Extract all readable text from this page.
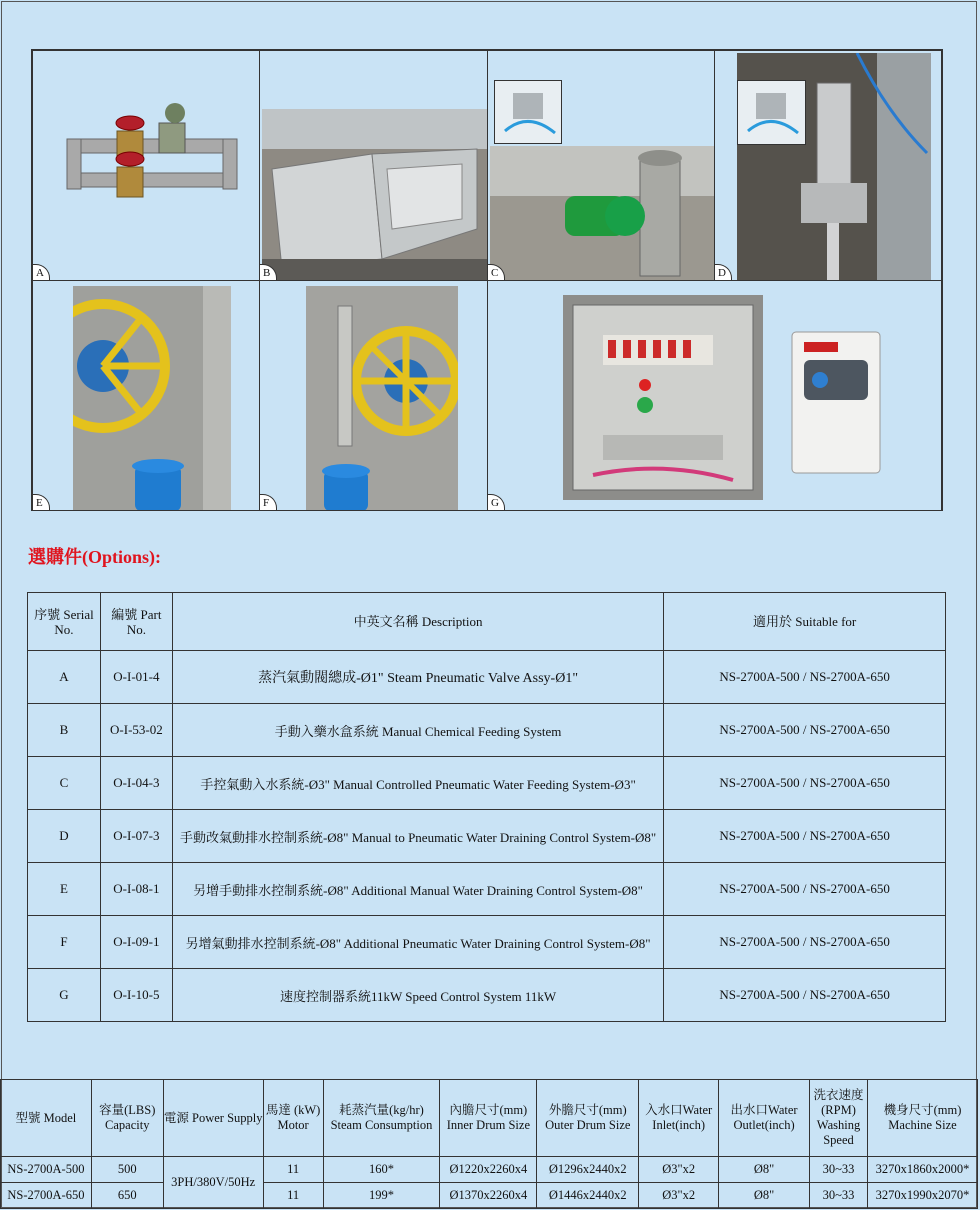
A	B	C	D
E	F	G
選購件(Options):
序號 Serial No.	編號 Part No.	中英文名稱 Description	適用於 Suitable for
A	O-I-01-4	蒸汽氣動閥總成-Ø1" Steam Pneumatic Valve Assy-Ø1"	NS-2700A-500 / NS-2700A-650
B	O-I-53-02	手動入藥水盒系統 Manual Chemical Feeding System	NS-2700A-500 / NS-2700A-650
C	O-I-04-3	手控氣動入水系統-Ø3" Manual Controlled Pneumatic Water Feeding System-Ø3"	NS-2700A-500 / NS-2700A-650
D	O-I-07-3	手動改氣動排水控制系統-Ø8" Manual to Pneumatic Water Draining Control System-Ø8"	NS-2700A-500 / NS-2700A-650
E	O-I-08-1	另增手動排水控制系統-Ø8" Additional Manual Water Draining Control System-Ø8"	NS-2700A-500 / NS-2700A-650
F	O-I-09-1	另增氣動排水控制系統-Ø8" Additional Pneumatic Water Draining Control System-Ø8"	NS-2700A-500 / NS-2700A-650
G	O-I-10-5	速度控制器系統11kW Speed Control System 11kW	NS-2700A-500 / NS-2700A-650
型號 Model	容量(LBS) Capacity	電源 Power Supply	馬達 (kW) Motor	耗蒸汽量(kg/hr) Steam Consumption	內膽尺寸(mm) Inner Drum Size	外膽尺寸(mm) Outer Drum Size	入水口Water Inlet(inch)	出水口Water Outlet(inch)	洗衣速度 (RPM) Washing Speed	機身尺寸(mm) Machine Size
NS-2700A-500	500	3PH/380V/50Hz	11	160*	Ø1220x2260x4	Ø1296x2440x2	Ø3"x2	Ø8"	30~33	3270x1860x2000*
NS-2700A-650	650		11	199*	Ø1370x2260x4	Ø1446x2440x2	Ø3"x2	Ø8"	30~33	3270x1990x2070*
